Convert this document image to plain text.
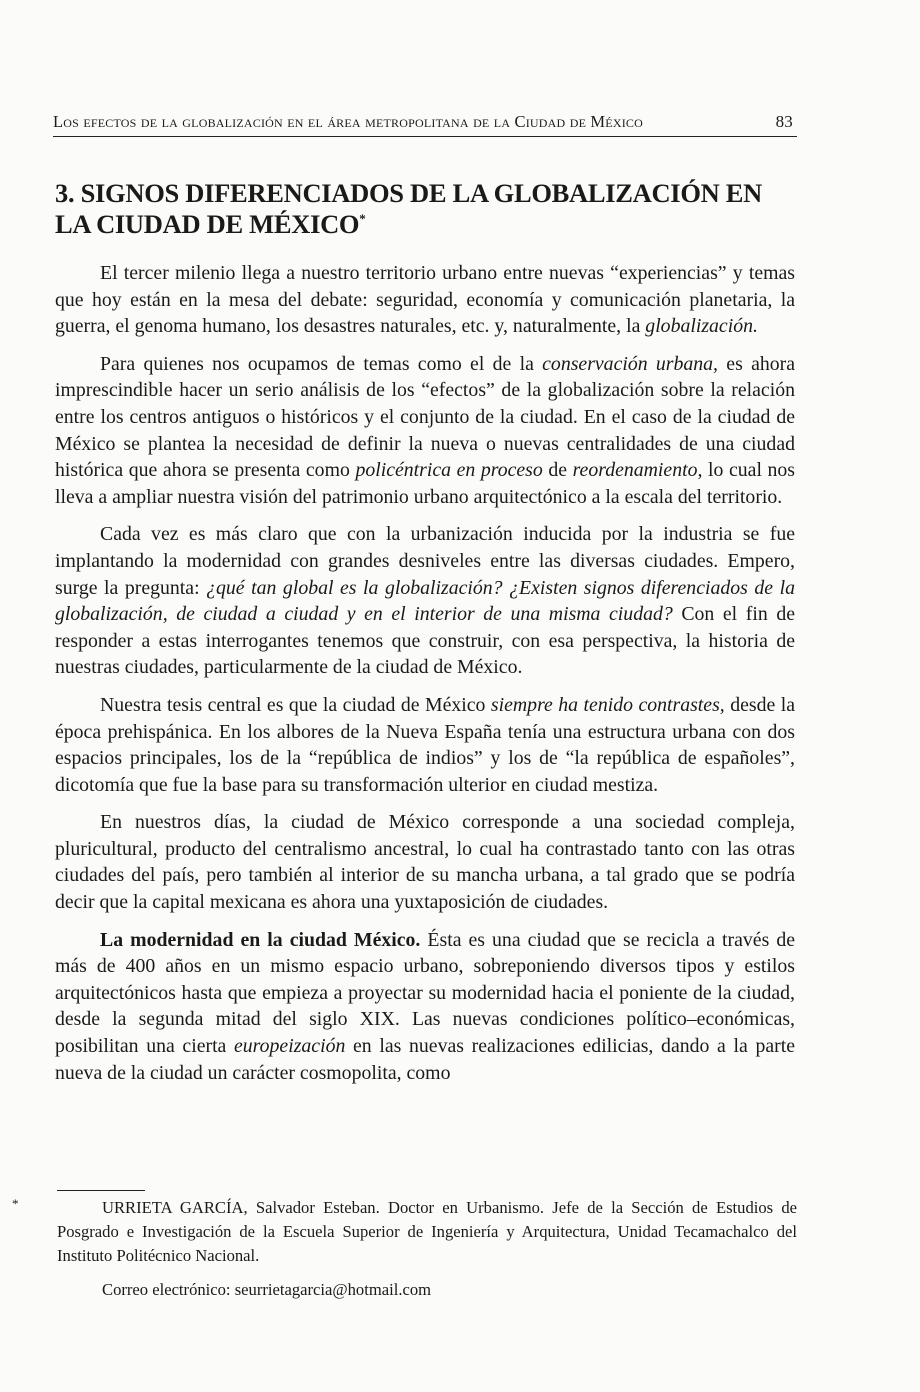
Los efectos de la globalización en el área metropolitana de la Ciudad de México	83
3. SIGNOS DIFERENCIADOS DE LA GLOBALIZACIÓN EN LA CIUDAD DE MÉXICO*

El tercer milenio llega a nuestro territorio urbano entre nuevas “experiencias” y temas que hoy están en la mesa del debate: seguridad, economía y comunicación planetaria, la guerra, el genoma humano, los desastres naturales, etc. y, naturalmente, la globalización.

Para quienes nos ocupamos de temas como el de la conservación urbana, es ahora imprescindible hacer un serio análisis de los “efectos” de la globalización sobre la relación entre los centros antiguos o históricos y el conjunto de la ciudad. En el caso de la ciudad de México se plantea la necesidad de definir la nueva o nuevas centralidades de una ciudad histórica que ahora se presenta como policéntrica en proceso de reordenamiento, lo cual nos lleva a ampliar nuestra visión del patrimonio urbano arquitectónico a la escala del territorio.

Cada vez es más claro que con la urbanización inducida por la industria se fue implantando la modernidad con grandes desniveles entre las diversas ciudades. Empero, surge la pregunta: ¿qué tan global es la globalización? ¿Existen signos diferenciados de la globalización, de ciudad a ciudad y en el interior de una misma ciudad? Con el fin de responder a estas interrogantes tenemos que construir, con esa perspectiva, la historia de nuestras ciudades, particularmente de la ciudad de México.

Nuestra tesis central es que la ciudad de México siempre ha tenido contrastes, desde la época prehispánica. En los albores de la Nueva España tenía una estructura urbana con dos espacios principales, los de la “república de indios” y los de “la república de españoles”, dicotomía que fue la base para su transformación ulterior en ciudad mestiza.

En nuestros días, la ciudad de México corresponde a una sociedad compleja, pluricultural, producto del centralismo ancestral, lo cual ha contrastado tanto con las otras ciudades del país, pero también al interior de su mancha urbana, a tal grado que se podría decir que la capital mexicana es ahora una yuxtaposición de ciudades.

La modernidad en la ciudad México. Ésta es una ciudad que se recicla a través de más de 400 años en un mismo espacio urbano, sobreponiendo diversos tipos y estilos arquitectónicos hasta que empieza a proyectar su modernidad hacia el poniente de la ciudad, desde la segunda mitad del siglo XIX. Las nuevas condiciones político–económicas, posibilitan una cierta europeización en las nuevas realizaciones edilicias, dando a la parte nueva de la ciudad un carácter cosmopolita, como

*	URRIETA GARCÍA, Salvador Esteban. Doctor en Urbanismo. Jefe de la Sección de Estudios de Posgrado e Investigación de la Escuela Superior de Ingeniería y Arquitectura, Unidad Tecamachalco del Instituto Politécnico Nacional.

Correo electrónico: seurrietagarcia@hotmail.com
